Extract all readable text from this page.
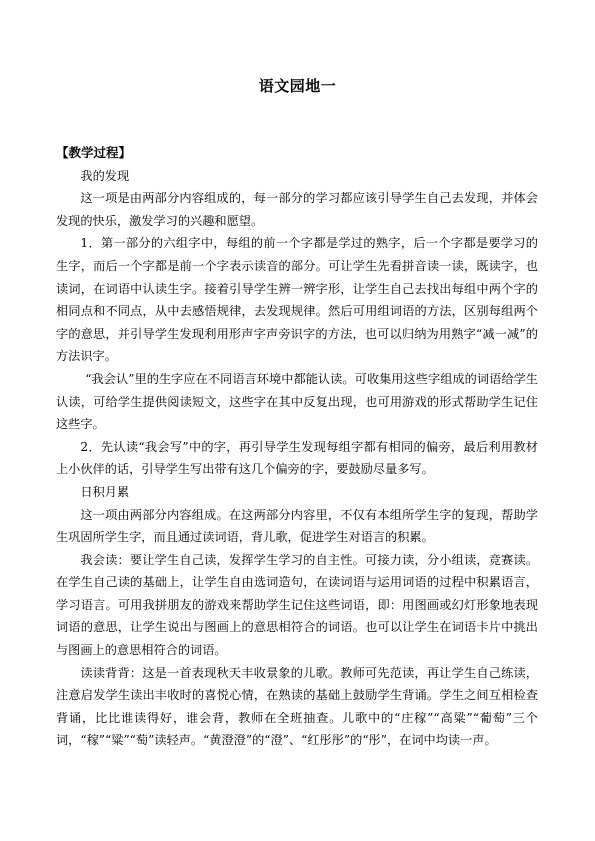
语文园地一

【教学过程】

我的发现

这一项是由两部分内容组成的，每一部分的学习都应该引导学生自己去发现，并体会发现的快乐，激发学习的兴趣和愿望。

1．第一部分的六组字中，每组的前一个字都是学过的熟字，后一个字都是要学习的生字，而后一个字都是前一个字表示读音的部分。可让学生先看拼音读一读，既读字，也读词，在词语中认读生字。接着引导学生辨一辨字形，让学生自己去找出每组中两个字的相同点和不同点，从中去感悟规律，去发现规律。然后可用组词语的方法，区别每组两个字的意思，并引导学生发现利用形声字声旁识字的方法，也可以归纳为用熟字“减一减”的方法识字。

“我会认”里的生字应在不同语言环境中都能认读。可收集用这些字组成的词语给学生认读，可给学生提供阅读短文，这些字在其中反复出现，也可用游戏的形式帮助学生记住这些字。

2．先认读“我会写”中的字，再引导学生发现每组字都有相同的偏旁，最后利用教材上小伙伴的话，引导学生写出带有这几个偏旁的字，要鼓励尽量多写。

日积月累

这一项由两部分内容组成。在这两部分内容里，不仅有本组所学生字的复现，帮助学生巩固所学生字，而且通过读词语，背儿歌，促进学生对语言的积累。

我会读：要让学生自己读，发挥学生学习的自主性。可接力读，分小组读，竞赛读。在学生自己读的基础上，让学生自由选词造句，在读词语与运用词语的过程中积累语言，学习语言。可用我拼朋友的游戏来帮助学生记住这些词语，即：用图画或幻灯形象地表现词语的意思，让学生说出与图画上的意思相符合的词语。也可以让学生在词语卡片中挑出与图画上的意思相符合的词语。

读读背背：这是一首表现秋天丰收景象的儿歌。教师可先范读，再让学生自己练读，注意启发学生读出丰收时的喜悦心情，在熟读的基础上鼓励学生背诵。学生之间互相检查背诵，比比谁读得好，谁会背，教师在全班抽查。儿歌中的“庄稼”“高粱”“葡萄”三个词，“稼”“粱”“萄”读轻声。“黄澄澄”的“澄”、“红彤彤”的“彤”，在词中均读一声。
